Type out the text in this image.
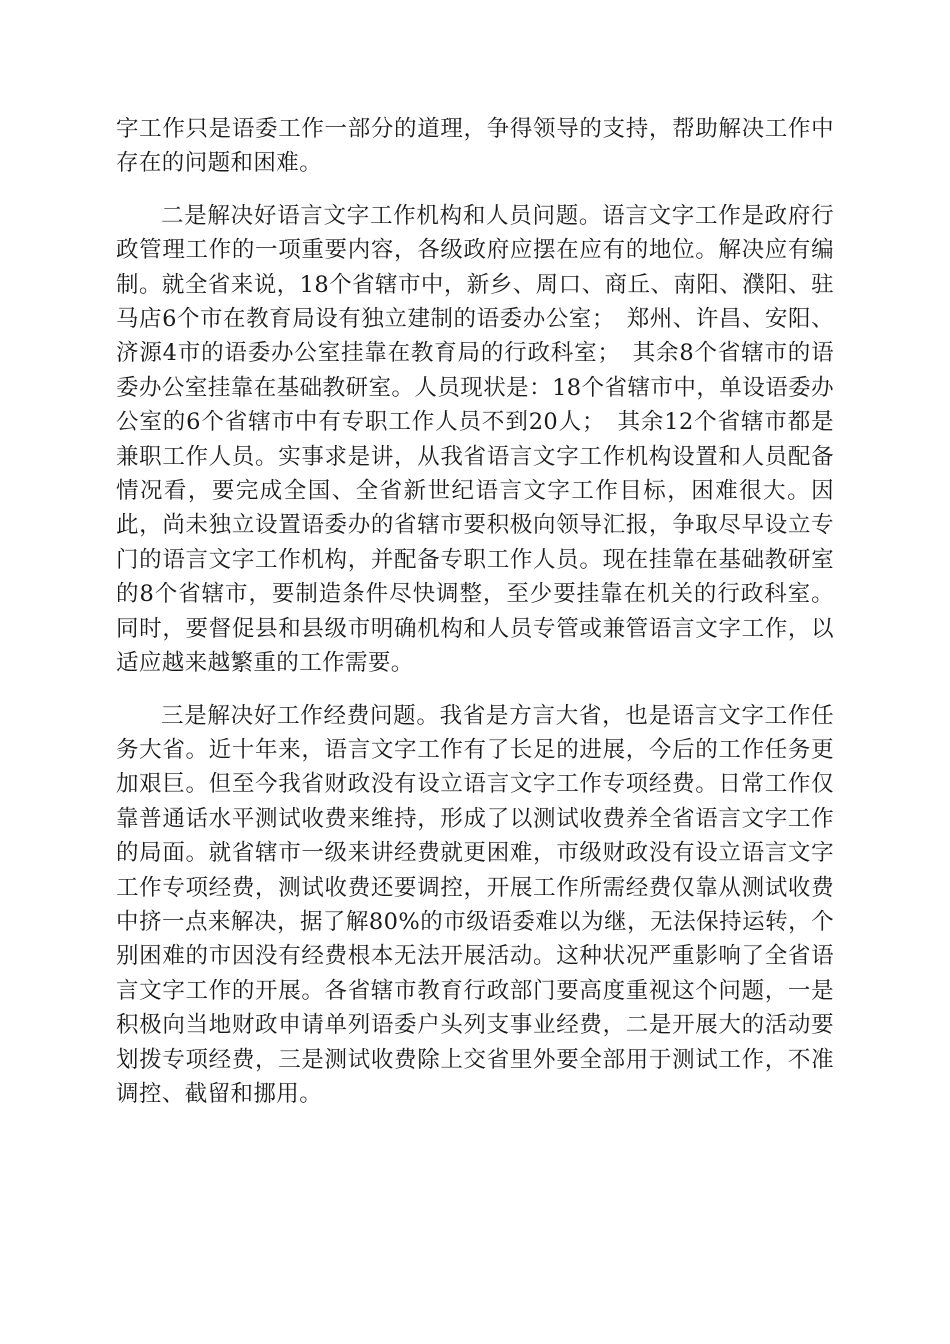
字工作只是语委工作一部分的道理，争得领导的支持，帮助解决工作中存在的问题和困难。

二是解决好语言文字工作机构和人员问题。语言文字工作是政府行政管理工作的一项重要内容，各级政府应摆在应有的地位。解决应有编制。就全省来说，18个省辖市中，新乡、周口、商丘、南阳、濮阳、驻马店6个市在教育局设有独立建制的语委办公室；　郑州、许昌、安阳、济源4市的语委办公室挂靠在教育局的行政科室；　其余8个省辖市的语委办公室挂靠在基础教研室。人员现状是：18个省辖市中，单设语委办公室的6个省辖市中有专职工作人员不到20人；　其余12个省辖市都是兼职工作人员。实事求是讲，从我省语言文字工作机构设置和人员配备情况看，要完成全国、全省新世纪语言文字工作目标，困难很大。因此，尚未独立设置语委办的省辖市要积极向领导汇报，争取尽早设立专门的语言文字工作机构，并配备专职工作人员。现在挂靠在基础教研室的8个省辖市，要制造条件尽快调整，至少要挂靠在机关的行政科室。同时，要督促县和县级市明确机构和人员专管或兼管语言文字工作，以适应越来越繁重的工作需要。

三是解决好工作经费问题。我省是方言大省，也是语言文字工作任务大省。近十年来，语言文字工作有了长足的进展，今后的工作任务更加艰巨。但至今我省财政没有设立语言文字工作专项经费。日常工作仅靠普通话水平测试收费来维持，形成了以测试收费养全省语言文字工作的局面。就省辖市一级来讲经费就更困难，市级财政没有设立语言文字工作专项经费，测试收费还要调控，开展工作所需经费仅靠从测试收费中挤一点来解决，据了解80%的市级语委难以为继，无法保持运转，个别困难的市因没有经费根本无法开展活动。这种状况严重影响了全省语言文字工作的开展。各省辖市教育行政部门要高度重视这个问题，一是积极向当地财政申请单列语委户头列支事业经费，二是开展大的活动要划拨专项经费，三是测试收费除上交省里外要全部用于测试工作，不准调控、截留和挪用。
